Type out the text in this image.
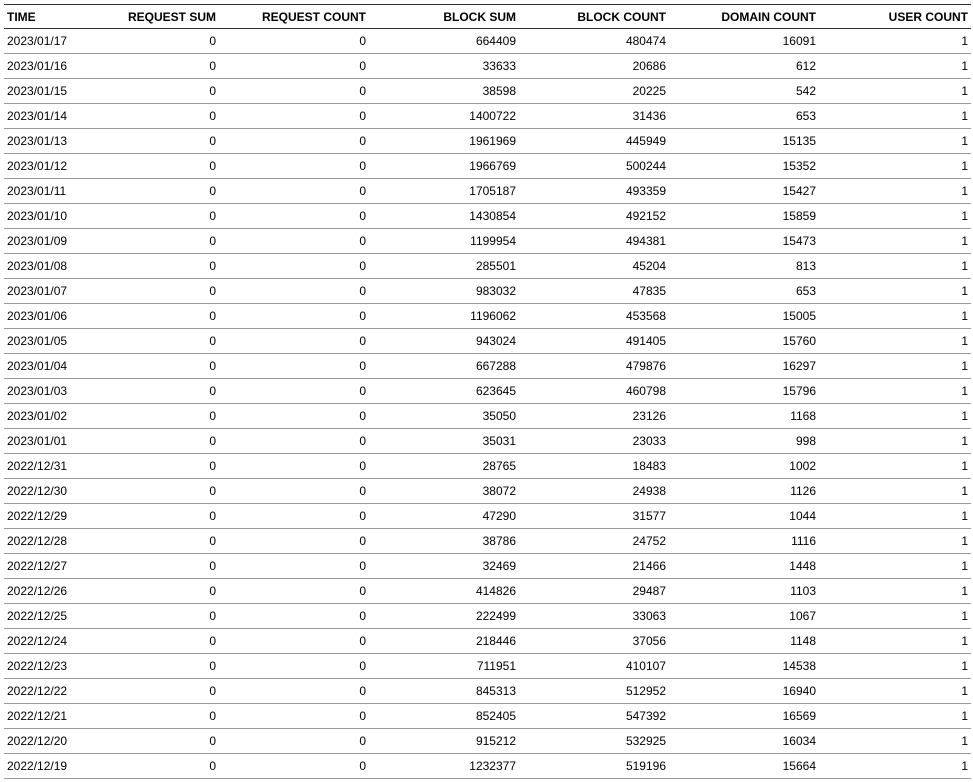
TIME	REQUEST SUM	REQUEST COUNT	BLOCK SUM	BLOCK COUNT	DOMAIN COUNT	USER COUNT
2023/01/17	0	0	664409	480474	16091	1
2023/01/16	0	0	33633	20686	612	1
2023/01/15	0	0	38598	20225	542	1
2023/01/14	0	0	1400722	31436	653	1
2023/01/13	0	0	1961969	445949	15135	1
2023/01/12	0	0	1966769	500244	15352	1
2023/01/11	0	0	1705187	493359	15427	1
2023/01/10	0	0	1430854	492152	15859	1
2023/01/09	0	0	1199954	494381	15473	1
2023/01/08	0	0	285501	45204	813	1
2023/01/07	0	0	983032	47835	653	1
2023/01/06	0	0	1196062	453568	15005	1
2023/01/05	0	0	943024	491405	15760	1
2023/01/04	0	0	667288	479876	16297	1
2023/01/03	0	0	623645	460798	15796	1
2023/01/02	0	0	35050	23126	1168	1
2023/01/01	0	0	35031	23033	998	1
2022/12/31	0	0	28765	18483	1002	1
2022/12/30	0	0	38072	24938	1126	1
2022/12/29	0	0	47290	31577	1044	1
2022/12/28	0	0	38786	24752	1116	1
2022/12/27	0	0	32469	21466	1448	1
2022/12/26	0	0	414826	29487	1103	1
2022/12/25	0	0	222499	33063	1067	1
2022/12/24	0	0	218446	37056	1148	1
2022/12/23	0	0	711951	410107	14538	1
2022/12/22	0	0	845313	512952	16940	1
2022/12/21	0	0	852405	547392	16569	1
2022/12/20	0	0	915212	532925	16034	1
2022/12/19	0	0	1232377	519196	15664	1
